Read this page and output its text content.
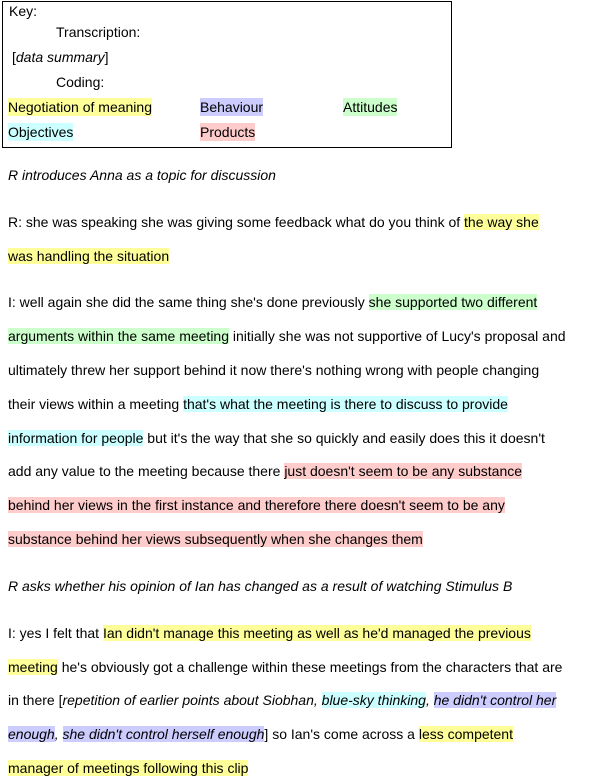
Key:
Transcription:
[data summary]
Coding:
Negotiation of meaning	Behaviour	Attitudes
Objectives	Products
R introduces Anna as a topic for discussion
R: she was speaking she was giving some feedback what do you think of the way she
was handling the situation
I: well again she did the same thing she's done previously she supported two different
arguments within the same meeting initially she was not supportive of Lucy's proposal and
ultimately threw her support behind it now there's nothing wrong with people changing
their views within a meeting that's what the meeting is there to discuss to provide
information for people but it's the way that she so quickly and easily does this it doesn't
add any value to the meeting because there just doesn't seem to be any substance
behind her views in the first instance and therefore there doesn't seem to be any
substance behind her views subsequently when she changes them
R asks whether his opinion of Ian has changed as a result of watching Stimulus B
I: yes I felt that Ian didn't manage this meeting as well as he'd managed the previous
meeting he's obviously got a challenge within these meetings from the characters that are
in there [repetition of earlier points about Siobhan, blue-sky thinking, he didn't control her
enough, she didn't control herself enough] so Ian's come across a less competent
manager of meetings following this clip
